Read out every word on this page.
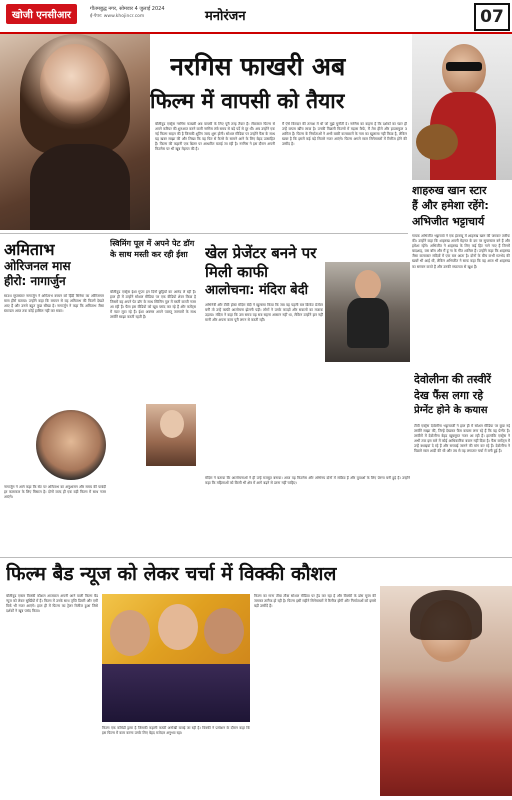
खोजी एनसीआर
गौतमबुद्ध नगर, सोमवार 4 जुलाई 2024
ई-पेपर: www.khojincr.com	मनोरंजन	07
नरगिस फाखरी अब
फिल्म में वापसी को तैयार
बॉलीवुड एक्ट्रेस नरगिस फाखरी अब वापसी के लिए पूरी तरह तैयार हैं। रॉकस्टार फिल्म से अपने करियर की शुरुआत करने वाली नरगिस लंबे समय से बड़े पर्दे से दूर थीं। अब उन्होंने एक नई फिल्म साइन की है जिसकी शूटिंग जल्द शुरू होगी। सोशल मीडिया पर उन्होंने फैंस के साथ यह खबर साझा की और लिखा कि वह फिर से कैमरे के सामने आने के लिए बेहद उत्साहित हैं। फिल्म की कहानी एक थ्रिलर पर आधारित बताई जा रही है। नरगिस ने इस दौरान अपनी फिटनेस पर भी खूब मेहनत की है।
मैं ऐसे किरदार की तलाश में थी जो मुझे चुनौती दे। नरगिस का कहना है कि दर्शकों का प्यार ही उन्हें वापस खींच लाया है। उनकी पिछली फिल्मों में मद्रास कैफे, मैं तेरा हीरो और हाउसफुल 3 शामिल हैं। फिल्म के निर्माताओं ने अभी बाकी कलाकारों के नाम का खुलासा नहीं किया है, लेकिन खबर है कि इसमें कई बड़े सितारे नजर आएंगे। फिल्म अगले साल सिनेमाघरों में रिलीज होने की उम्मीद है।
शाहरुख खान स्टार
हैं और हमेशा रहेंगे:
अभिजीत भट्टाचार्य
गायक अभिजीत भट्टाचार्य ने एक इंटरव्यू में शाहरुख खान की जमकर तारीफ की। उन्होंने कहा कि शाहरुख अपनी मेहनत के दम पर सुपरस्टार बने हैं और हमेशा रहेंगे। अभिजीत ने शाहरुख के लिए कई हिट गाने गाए हैं जिनमें बादशाह, यस बॉस और मैं हूं ना के गीत शामिल हैं। उन्होंने कहा कि शाहरुख जैसा कलाकार सदियों में एक बार आता है। दोनों के बीच कभी मतभेद की खबरें भी आई थीं, लेकिन अभिजीत ने साफ कहा कि वह आज भी शाहरुख का सम्मान करते हैं और उनकी सफलता से खुश हैं।
अमिताभ
ओरिजनल मास
हीरो: नागार्जुन
साउथ सुपरस्टार नागार्जुन ने अमिताभ बच्चन को हिंदी सिनेमा का ओरिजनल मास हीरो बताया। उन्होंने कहा कि बचपन से वह अमिताभ की फिल्में देखते आए हैं और उनसे बहुत कुछ सीखा है। नागार्जुन ने कहा कि अमिताभ जैसा स्टारडम आज तक कोई हासिल नहीं कर सका।
नागार्जुन ने आगे कहा कि सेट पर अमिताभ का अनुशासन और समय की पाबंदी हर कलाकार के लिए मिसाल है। दोनों जल्द ही एक बड़ी फिल्म में साथ नजर आएंगे।
स्विमिंग पूल में अपने पेट डॉग के साथ मस्ती कर रही ईशा
बॉलीवुड एक्ट्रेस ईशा गुप्ता इन दिनों छुट्टियों का आनंद ले रही हैं। हाल ही में उन्होंने सोशल मीडिया पर एक वीडियो शेयर किया है जिसमें वह अपने पेट डॉग के साथ स्विमिंग पूल में मस्ती करती नजर आ रही हैं। फैंस इस वीडियो को खूब पसंद कर रहे हैं और कमेंट्स में प्यार लुटा रहे हैं। ईशा अक्सर अपने पालतू जानवरों के साथ तस्वीरें साझा करती रहती हैं।
खेल प्रेजेंटर बनने पर
मिली काफी
आलोचना: मंदिरा बेदी
अभिनेत्री और टीवी होस्ट मंदिरा बेदी ने खुलासा किया कि जब वह पहली बार क्रिकेट प्रेजेंटर बनीं तो उन्हें काफी आलोचना झेलनी पड़ी। लोगों ने उनके कपड़ों और सवालों का मजाक उड़ाया। मंदिरा ने कहा कि उस समय यह सब सहना आसान नहीं था, लेकिन उन्होंने हार नहीं मानी और अपना काम पूरी लगन से करती रहीं।
मंदिरा ने बताया कि आलोचनाओं ने ही उन्हें मजबूत बनाया। आज वह फिटनेस और अभिनय दोनों में सक्रिय हैं और युवाओं के लिए प्रेरणा बनी हुई हैं। उन्होंने कहा कि महिलाओं को किसी भी क्षेत्र में आगे बढ़ने से डरना नहीं चाहिए।
देवोलीना की तस्वीरें
देख फैंस लगा रहे
प्रेग्नेंट होने के कयास
टीवी एक्ट्रेस देवोलीना भट्टाचार्जी ने हाल ही में सोशल मीडिया पर कुछ नई तस्वीरें साझा कीं, जिन्हें देखकर फैंस कयास लगा रहे हैं कि वह प्रेग्नेंट हैं। तस्वीरों में देवोलीना बेहद खूबसूरत नजर आ रही हैं। हालांकि एक्ट्रेस ने अभी तक इस बारे में कोई आधिकारिक बयान नहीं दिया है। फैंस कमेंट्स में उन्हें बधाइयां दे रहे हैं और सच्चाई जानने की मांग कर रहे हैं। देवोलीना ने पिछले साल शादी की थी और तब से वह लगातार चर्चा में बनी हुई हैं।
फिल्म बैड न्यूज को लेकर चर्चा में विक्की कौशल
बॉलीवुड एक्टर विक्की कौशल आजकल अपनी आने वाली फिल्म बैड न्यूज को लेकर सुर्खियों में हैं। फिल्म में उनके साथ तृप्ति डिमरी और एमी विर्क भी नजर आएंगे। हाल ही में फिल्म का ट्रेलर रिलीज हुआ जिसे दर्शकों ने खूब पसंद किया।
फिल्म एक कॉमेडी ड्रामा है जिसकी कहानी काफी अनोखी बताई जा रही है। विक्की ने प्रमोशन के दौरान कहा कि इस फिल्म में काम करना उनके लिए बेहद मजेदार अनुभव रहा।
फिल्म का गाना तौबा तौबा सोशल मीडिया पर ट्रेंड कर रहा है और विक्की के डांस मूव्स की जमकर तारीफ हो रही है। फिल्म इसी महीने सिनेमाघरों में रिलीज होगी और निर्माताओं को इससे बड़ी उम्मीदें हैं।
